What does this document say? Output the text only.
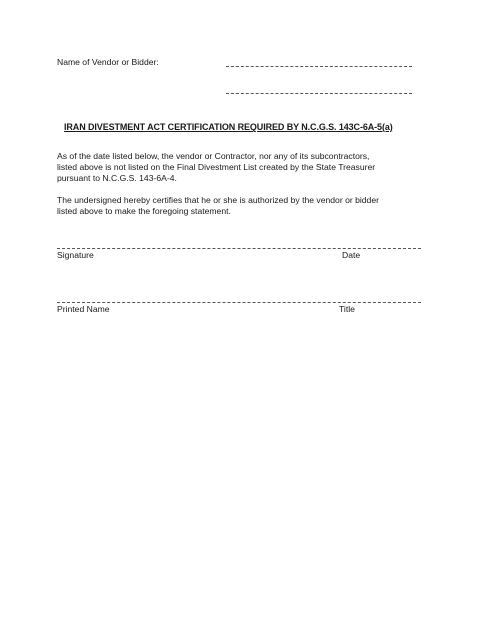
Name of Vendor or Bidder:
IRAN DIVESTMENT ACT CERTIFICATION REQUIRED BY N.C.G.S. 143C-6A-5(a)
As of the date listed below, the vendor or Contractor, nor any of its subcontractors,
listed above is not listed on the Final Divestment List created by the State Treasurer
pursuant to N.C.G.S. 143-6A-4.
The undersigned hereby certifies that he or she is authorized by the vendor or bidder
listed above to make the foregoing statement.
Signature	Date
Printed Name	Title
